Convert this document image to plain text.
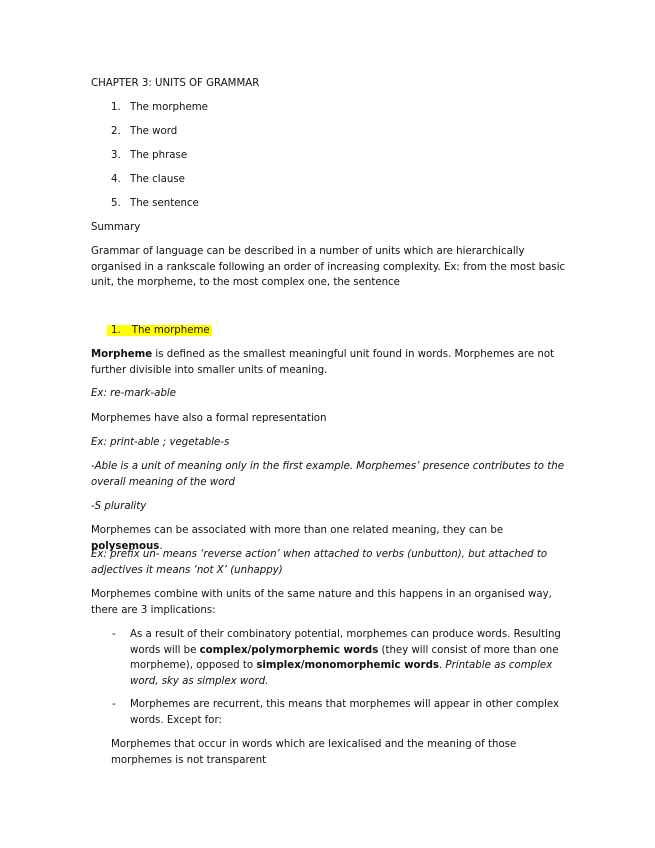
CHAPTER 3: UNITS OF GRAMMAR
1. The morpheme
2. The word
3. The phrase
4. The clause
5. The sentence
Summary
Grammar of language can be described in a number of units which are hierarchically organised in a rankscale following an order of increasing complexity. Ex: from the most basic unit, the morpheme, to the most complex one, the sentence
1. The morpheme
Morpheme is defined as the smallest meaningful unit found in words. Morphemes are not further divisible into smaller units of meaning.
Ex: re-mark-able
Morphemes have also a formal representation
Ex: print-able ; vegetable-s
-Able is a unit of meaning only in the first example. Morphemes’ presence contributes to the overall meaning of the word
-S plurality
Morphemes can be associated with more than one related meaning, they can be polysemous.
Ex: prefix un- means ‘reverse action’ when attached to verbs (unbutton), but attached to adjectives it means ‘not X’ (unhappy)
Morphemes combine with units of the same nature and this happens in an organised way, there are 3 implications:
- As a result of their combinatory potential, morphemes can produce words. Resulting words will be complex/polymorphemic words (they will consist of more than one morpheme), opposed to simplex/monomorphemic words. Printable as complex word, sky as simplex word.
- Morphemes are recurrent, this means that morphemes will appear in other complex words. Except for:
Morphemes that occur in words which are lexicalised and the meaning of those morphemes is not transparent
